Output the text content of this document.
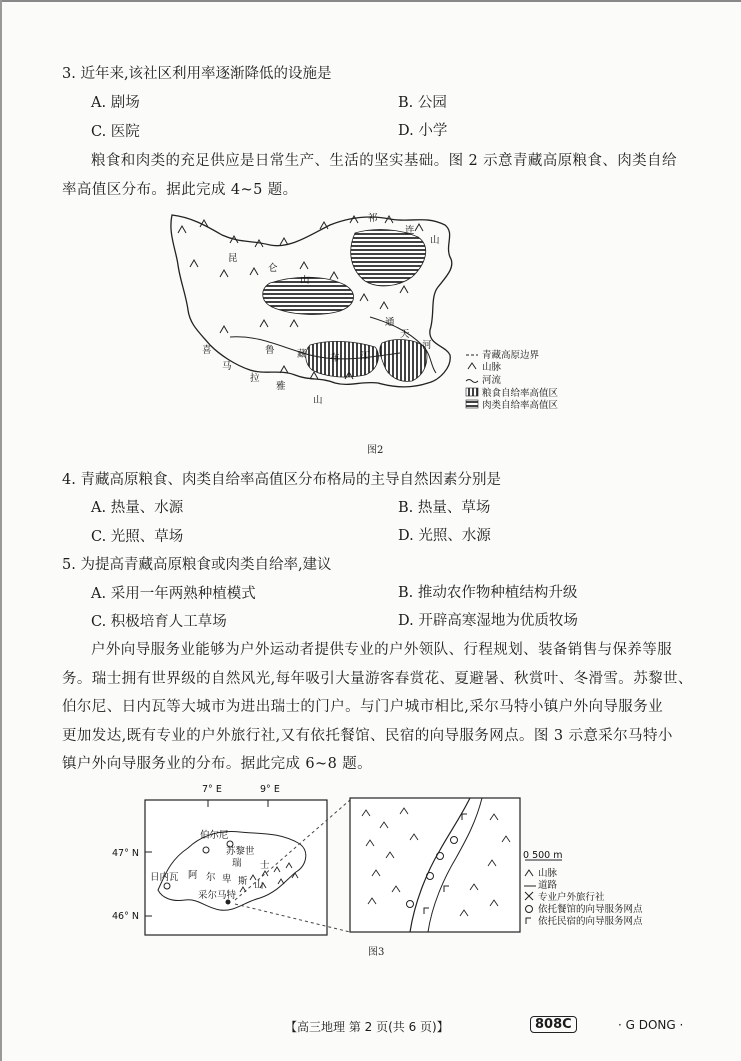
3. 近年来,该社区利用率逐渐降低的设施是
A. 剧场	B. 公园
C. 医院	D. 小学
粮食和肉类的充足供应是日常生产、生活的坚实基础。图 2 示意青藏高原粮食、肉类自给
率高值区分布。据此完成 4~5 题。
祁
连
山
昆
仑
山
通
天
河
喜
马
拉
雅
山
鲁 藏 布 江	青藏高原边界
山脉
河流
粮食自给率高值区
肉类自给率高值区
图2
4. 青藏高原粮食、肉类自给率高值区分布格局的主导自然因素分别是
A. 热量、水源	B. 热量、草场
C. 光照、草场	D. 光照、水源
5. 为提高青藏高原粮食或肉类自给率,建议
A. 采用一年两熟种植模式	B. 推动农作物种植结构升级
C. 积极培育人工草场	D. 开辟高寒湿地为优质牧场
户外向导服务业能够为户外运动者提供专业的户外领队、行程规划、装备销售与保养等服
务。瑞士拥有世界级的自然风光,每年吸引大量游客春赏花、夏避暑、秋赏叶、冬滑雪。苏黎世、
伯尔尼、日内瓦等大城市为进出瑞士的门户。与门户城市相比,采尔马特小镇户外向导服务业
更加发达,既有专业的户外旅行社,又有依托餐馆、民宿的向导服务网点。图 3 示意采尔马特小
镇户外向导服务业的分布。据此完成 6~8 题。
7° E	9° E
47° N
46° N
伯尔尼
苏黎世
日内瓦
采尔马特
瑞 士
阿 尔 卑 斯 山
0 500 m
山脉
道路
专业户外旅行社
依托餐馆的向导服务网点
依托民宿的向导服务网点
图3
【高三地理 第 2 页(共 6 页)】	808C	· G DONG ·
